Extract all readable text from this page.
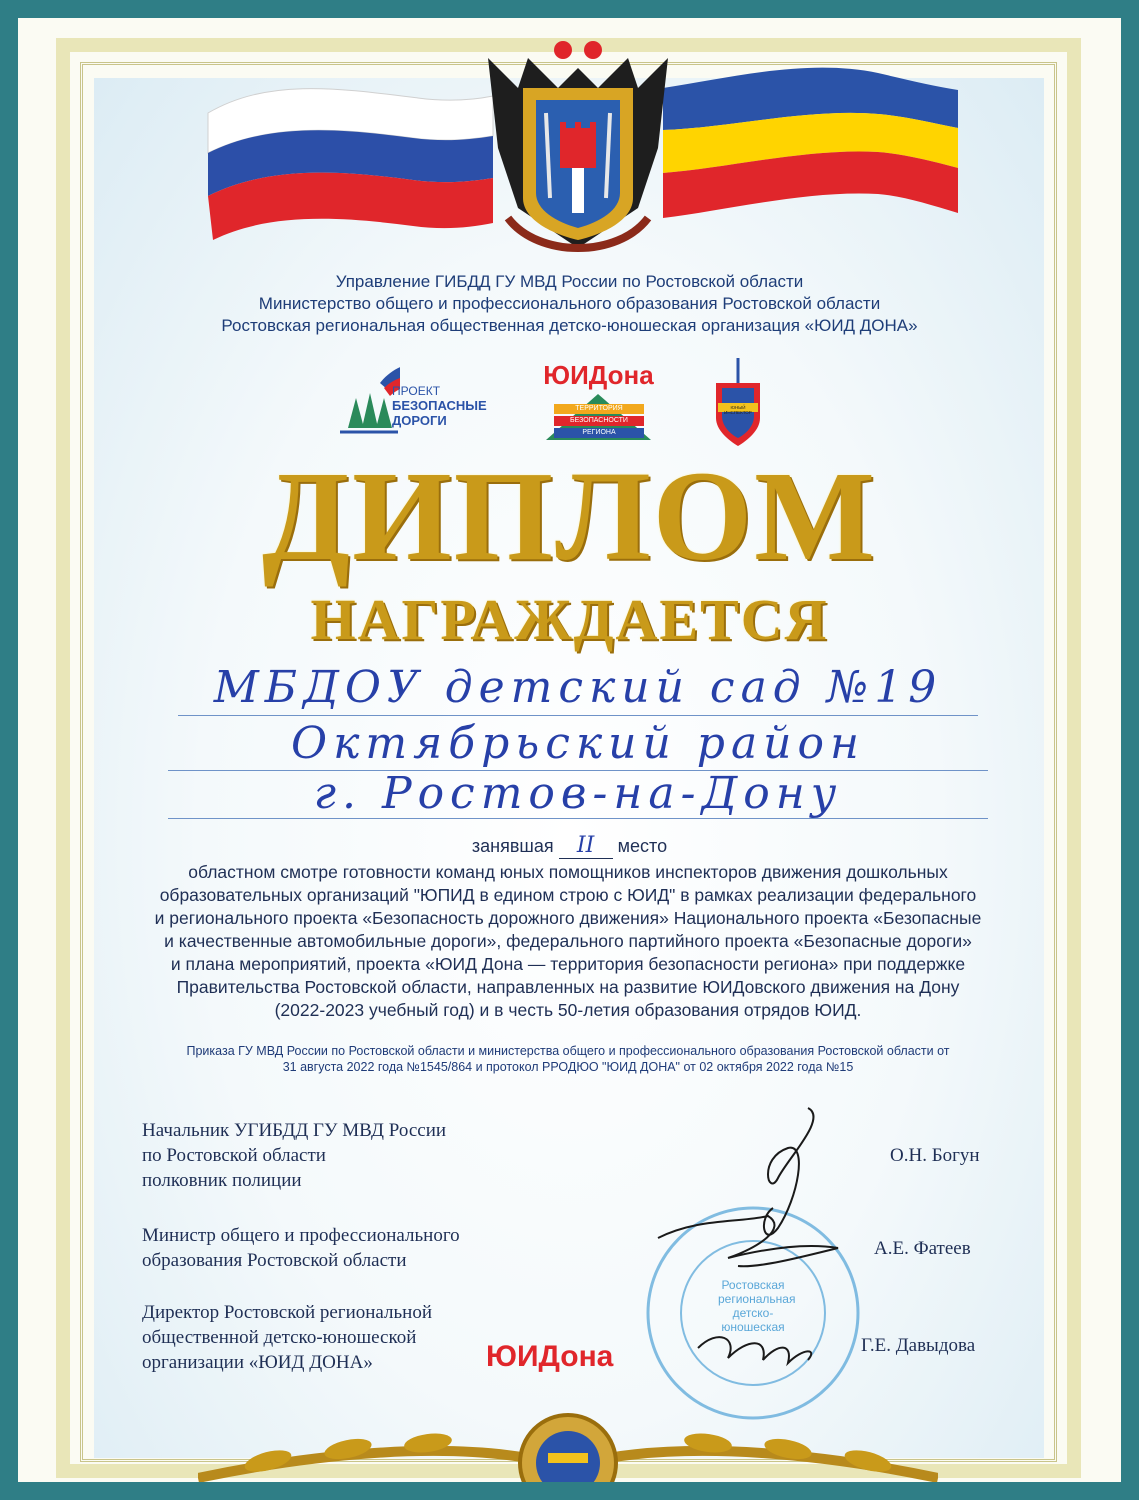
Управление ГИБДД ГУ МВД России по Ростовской области
Министерство общего и профессионального образования Ростовской области
Ростовская региональная общественная детско-юношеская организация «ЮИД ДОНА»
ПРОЕКТ
БЕЗОПАСНЫЕ
ДОРОГИ
ЮИДона
ТЕРРИТОРИЯ
БЕЗОПАСНОСТИ
РЕГИОНА
ЮНЫЙ ИНСПЕКТОР
ДИПЛОМ
НАГРАЖДАЕТСЯ
МБДОУ детский сад №19
Октябрьский район
г. Ростов-на-Дону
занявшая II место
областном смотре готовности команд юных помощников инспекторов движения дошкольных
образовательных организаций "ЮПИД в едином строю с ЮИД" в рамках реализации федерального
и регионального проекта «Безопасность дорожного движения» Национального проекта «Безопасные
и качественные автомобильные дороги», федерального партийного проекта «Безопасные дороги»
и плана мероприятий, проекта «ЮИД Дона — территория безопасности региона» при поддержке
Правительства Ростовской области, направленных на развитие ЮИДовского движения на Дону
(2022-2023 учебный год) и в честь 50-летия образования отрядов ЮИД.
Приказа ГУ МВД России по Ростовской области и министерства общего и профессионального образования Ростовской области от
31 августа 2022 года №1545/864 и протокол РРОДЮО "ЮИД ДОНА" от 02 октября 2022 года №15
Ростовская
региональная
детско-юношеская
Начальник УГИБДД ГУ МВД России
по Ростовской области
полковник полиции
О.Н. Богун
Министр общего и профессионального
образования Ростовской области
А.Е. Фатеев
Директор Ростовской региональной
общественной детско-юношеской
организации «ЮИД ДОНА»
Г.Е. Давыдова
ЮИДона
